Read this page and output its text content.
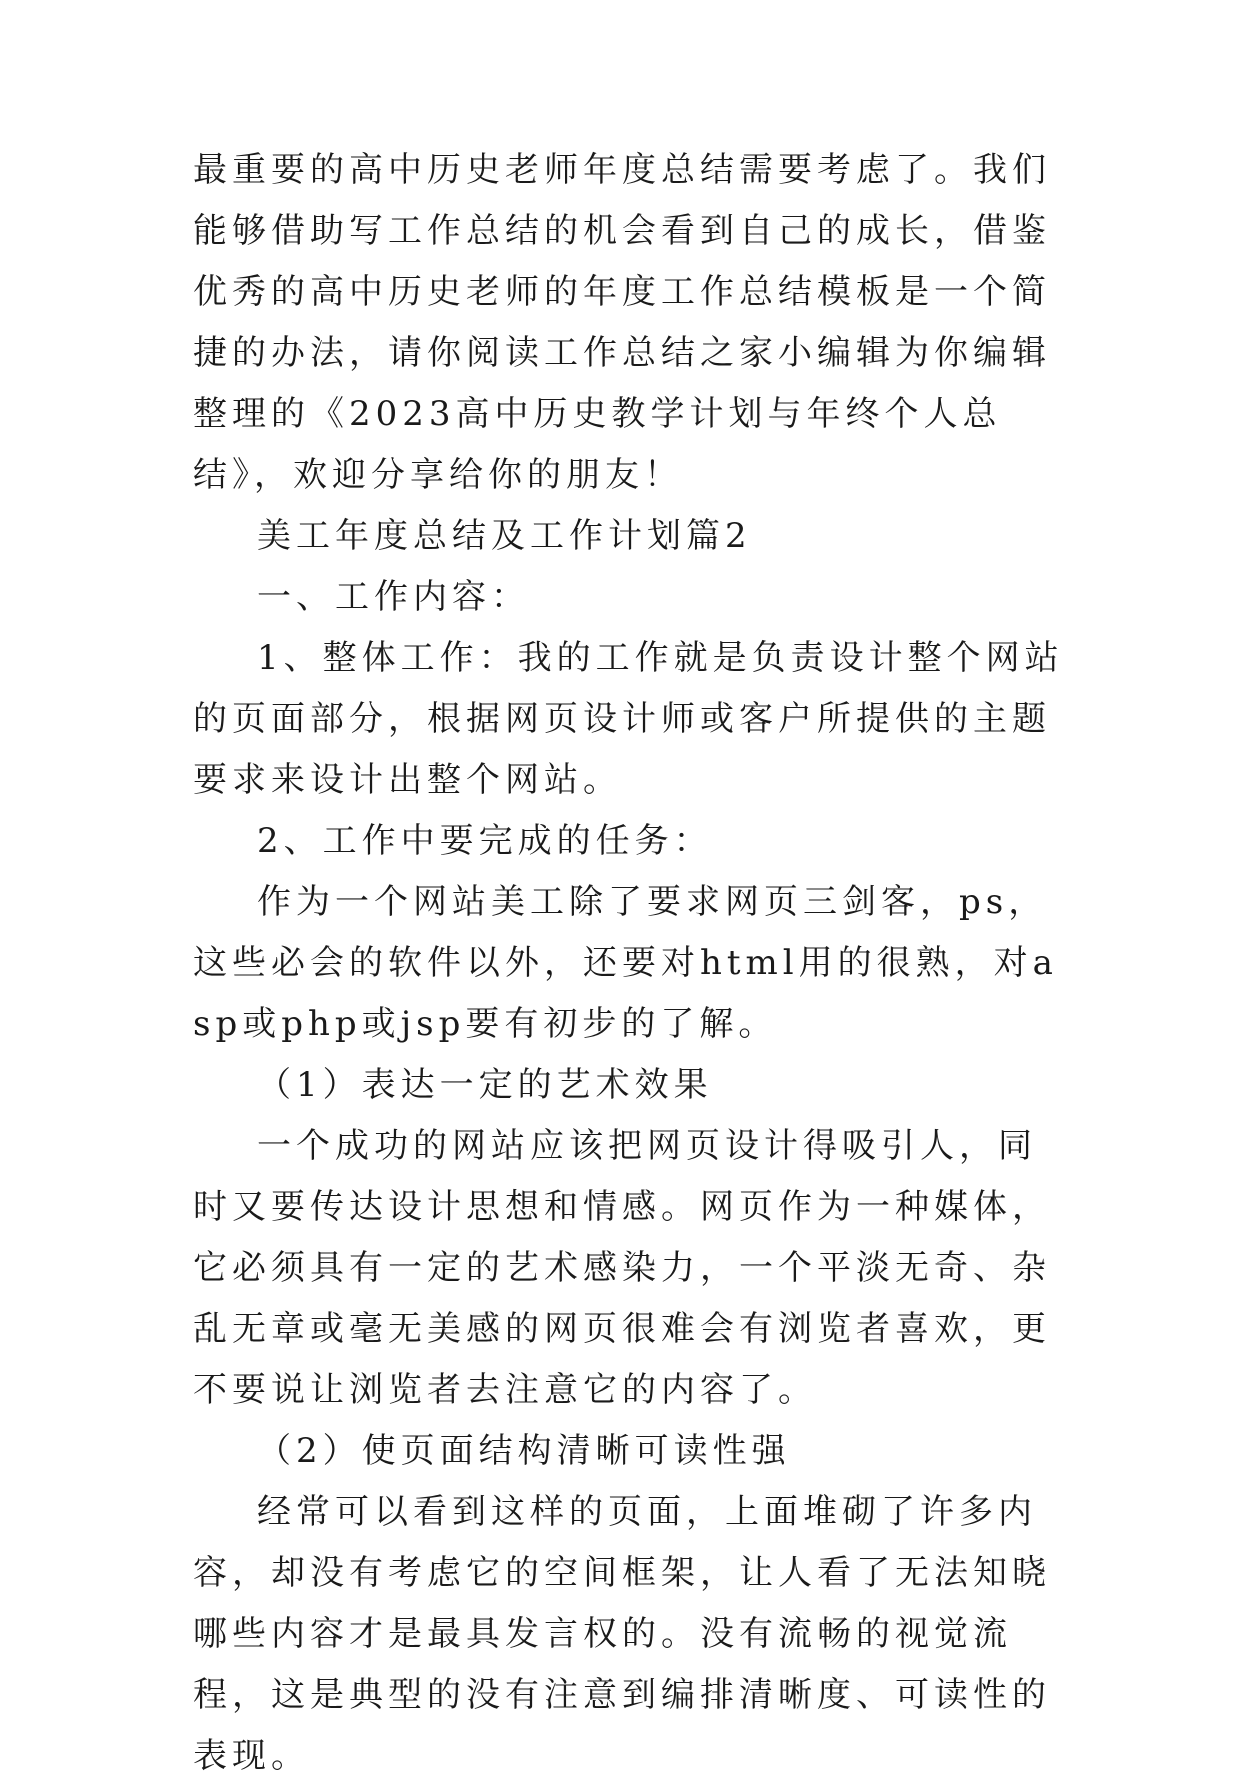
最重要的高中历史老师年度总结需要考虑了。我们能够借助写工作总结的机会看到自己的成长，借鉴优秀的高中历史老师的年度工作总结模板是一个简捷的办法，请你阅读工作总结之家小编辑为你编辑整理的《2023高中历史教学计划与年终个人总结》，欢迎分享给你的朋友！

美工年度总结及工作计划篇2

一、工作内容：

1、整体工作：我的工作就是负责设计整个网站的页面部分，根据网页设计师或客户所提供的主题要求来设计出整个网站。

2、工作中要完成的任务：

作为一个网站美工除了要求网页三剑客，ps，这些必会的软件以外，还要对html用的很熟，对asp或php或jsp要有初步的了解。

（1）表达一定的艺术效果

一个成功的网站应该把网页设计得吸引人，同时又要传达设计思想和情感。网页作为一种媒体，它必须具有一定的艺术感染力，一个平淡无奇、杂乱无章或毫无美感的网页很难会有浏览者喜欢，更不要说让浏览者去注意它的内容了。

（2）使页面结构清晰可读性强

经常可以看到这样的页面，上面堆砌了许多内容，却没有考虑它的空间框架，让人看了无法知晓哪些内容才是最具发言权的。没有流畅的视觉流程，这是典型的没有注意到编排清晰度、可读性的表现。
